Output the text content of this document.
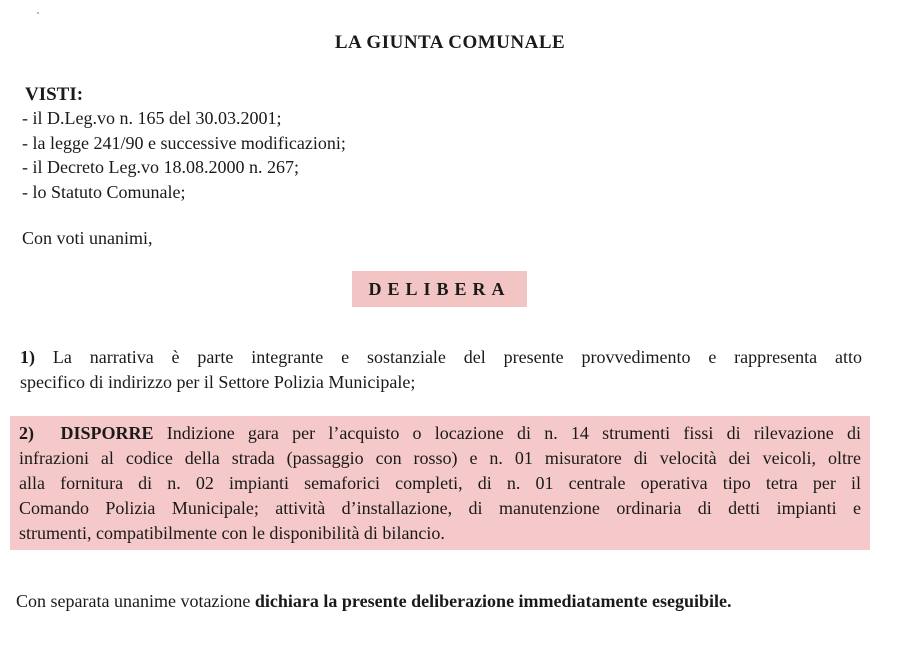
LA GIUNTA COMUNALE
VISTI:
- il D.Leg.vo n. 165 del 30.03.2001;
- la legge 241/90 e successive modificazioni;
- il Decreto Leg.vo 18.08.2000 n. 267;
- lo Statuto Comunale;
Con voti unanimi,
DELIBERA
1) La narrativa è parte integrante e sostanziale del presente provvedimento e rappresenta atto
specifico di indirizzo per il Settore Polizia Municipale;
2) DISPORRE Indizione gara per l’acquisto o locazione di n. 14 strumenti fissi di rilevazione di
infrazioni al codice della strada (passaggio con rosso) e n. 01 misuratore di velocità dei veicoli, oltre
alla fornitura di n. 02 impianti semaforici completi, di n. 01 centrale operativa tipo tetra per il
Comando Polizia Municipale; attività d’installazione, di manutenzione ordinaria di detti impianti e
strumenti, compatibilmente con le disponibilità di bilancio.
Con separata unanime votazione dichiara la presente deliberazione immediatamente eseguibile.
